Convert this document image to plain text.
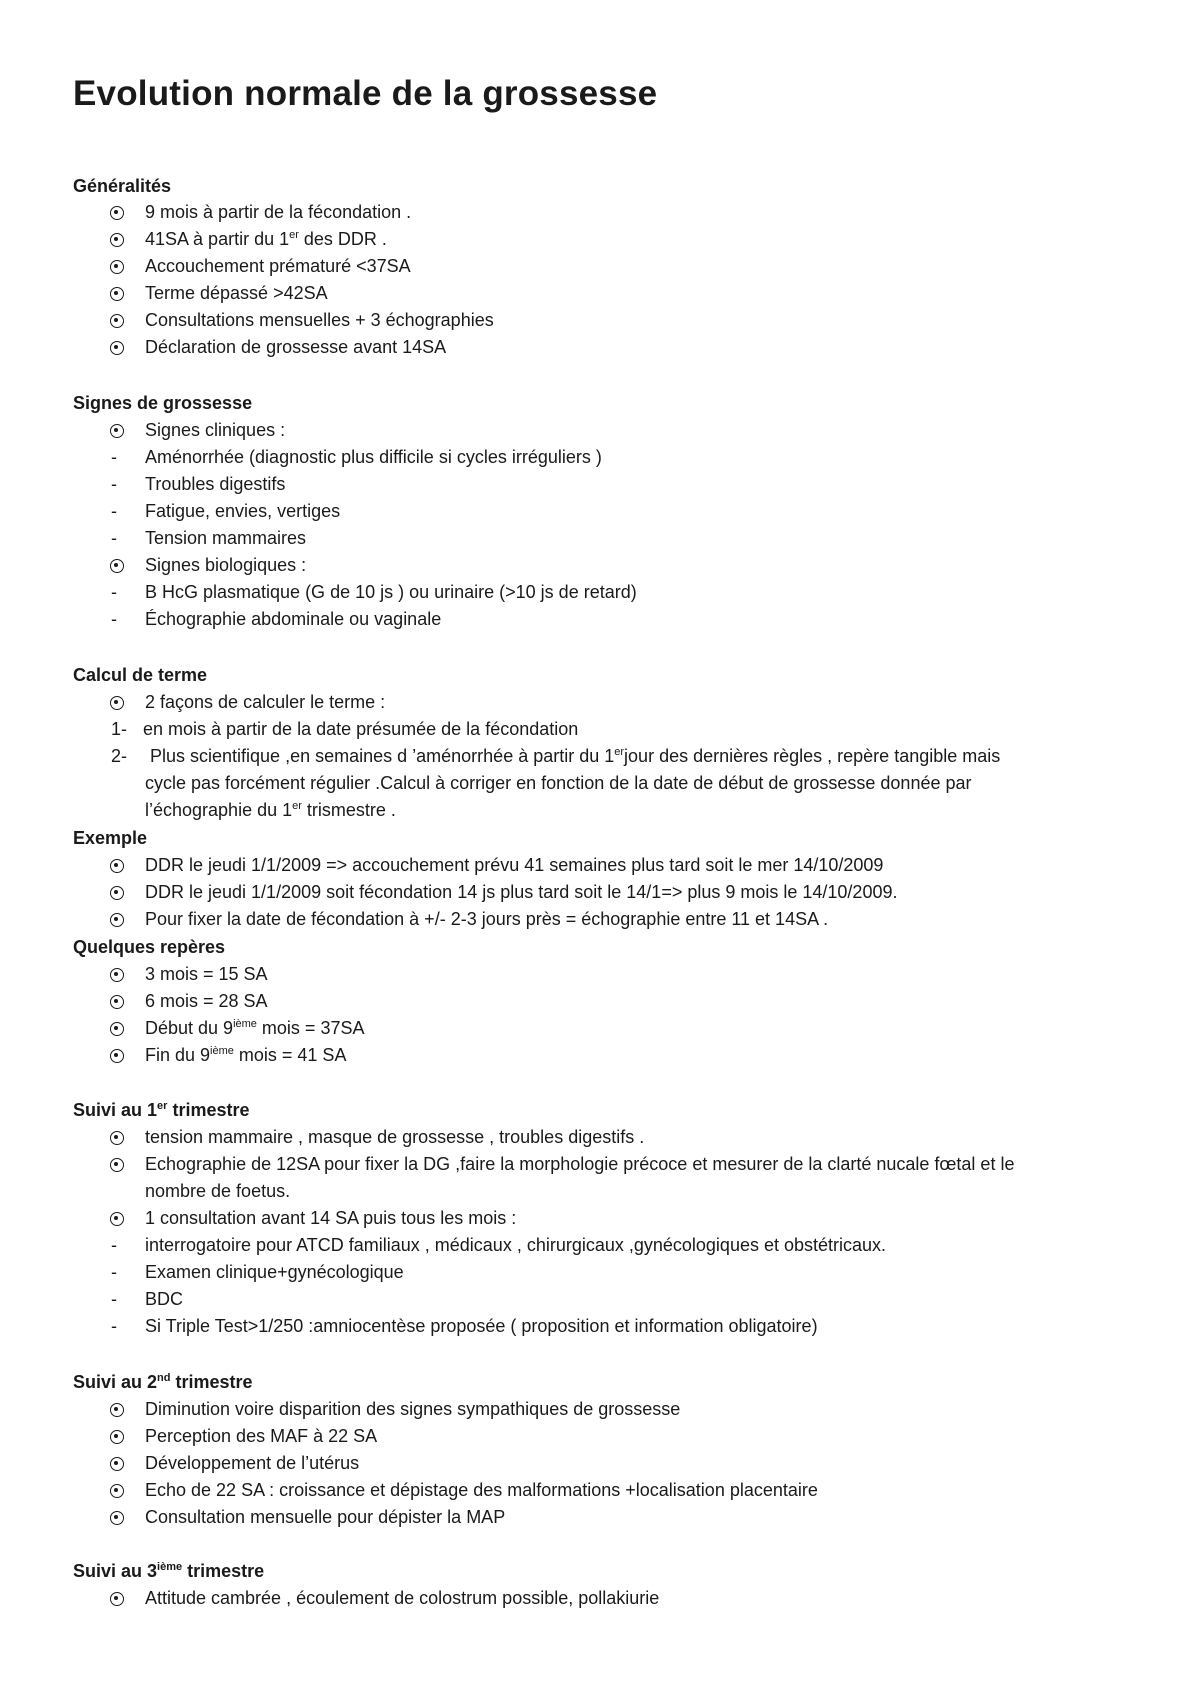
Evolution normale de la grossesse
Généralités
Signes de grossesse
Calcul de terme
Exemple
Quelques repères
Suivi au 1er trimestre
Suivi au 2nd trimestre
Suivi au 3ième trimestre
9 mois à partir de la fécondation .
41SA à partir du 1er des DDR .
Accouchement prématuré <37SA
Terme dépassé >42SA
Consultations mensuelles + 3 échographies
Déclaration de grossesse avant 14SA
Signes cliniques :
- Aménorrhée (diagnostic plus difficile si cycles irréguliers )
- Troubles digestifs
- Fatigue, envies, vertiges
- Tension mammaires
Signes biologiques :
- B HcG plasmatique (G de 10 js ) ou urinaire (>10 js de retard)
- Échographie abdominale ou vaginale
2 façons de calculer le terme :
1- en mois à partir de la date présumée de la fécondation
2- Plus scientifique ,en semaines d ’aménorrhée à partir du 1erjour des dernières règles , repère tangible mais
cycle pas forcément régulier .Calcul à corriger en fonction de la date de début de grossesse donnée par
l’échographie du 1er trismestre .
DDR le jeudi 1/1/2009 => accouchement prévu 41 semaines plus tard soit le mer 14/10/2009
DDR le jeudi 1/1/2009 soit fécondation 14 js plus tard soit le 14/1=> plus 9 mois le 14/10/2009.
Pour fixer la date de fécondation à +/- 2-3 jours près = échographie entre 11 et 14SA .
3 mois = 15 SA
6 mois = 28 SA
Début du 9ième mois = 37SA
Fin du 9ième mois = 41 SA
tension mammaire , masque de grossesse , troubles digestifs .
Echographie de 12SA pour fixer la DG ,faire la morphologie précoce et mesurer de la clarté nucale fœtal et le
nombre de foetus.
1 consultation avant 14 SA puis tous les mois :
- interrogatoire pour ATCD familiaux , médicaux , chirurgicaux ,gynécologiques et obstétricaux.
- Examen clinique+gynécologique
- BDC
- Si Triple Test>1/250 :amniocentèse proposée ( proposition et information obligatoire)
Diminution voire disparition des signes sympathiques de grossesse
Perception des MAF à 22 SA
Développement de l’utérus
Echo de 22 SA : croissance et dépistage des malformations +localisation placentaire
Consultation mensuelle pour dépister la MAP
Attitude cambrée , écoulement de colostrum possible, pollakiurie
